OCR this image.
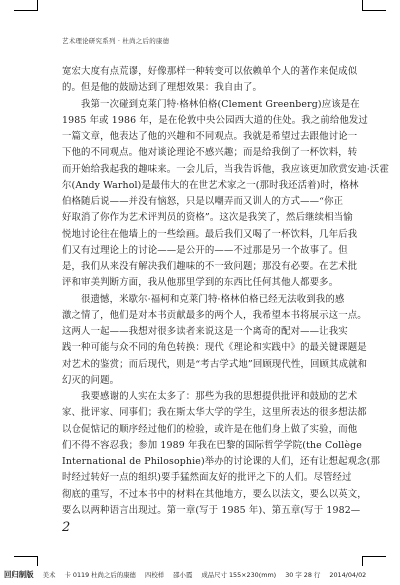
艺术理论研究系列 · 杜尚之后的康德
宽宏大度有点荒谬，好像那样一种转变可以依赖单个人的著作来促成似
的。但是他的鼓励达到了理想效果：我自由了。
我第一次碰到克莱门特·格林伯格(Clement Greenberg)应该是在
1985 年或 1986 年，是在伦敦中央公园西大道的住处。我之前给他发过
一篇文章，他表达了他的兴趣和不同观点。我就是希望过去跟他讨论一
下他的不同观点。他对谈论理论不感兴趣；而是给我倒了一杯饮料，转
而开始给我起我的趣味来。一会儿后，当我告诉他，我应该更加欣赏安迪·沃霍
尔(Andy Warhol)是最伟大的在世艺术家之一(那时我还活着)时，格林
伯格随后说——并没有恼怒，只是以嘲弄而又训人的方式——“你正
好取消了你作为艺术评判员的资格”。这次是我笑了，然后继续相当愉
悦地讨论往在他墙上的一些绘画。最后我们又喝了一杯饮料，几年后我
们又有过理论上的讨论——是公开的——不过那是另一个故事了。但
是，我们从来没有解决我们趣味的不一致问题；那没有必要。在艺术批
评和审美判断方面，我从他那里学到的东西比任何其他人都要多。
很遗憾，米歇尔·福柯和克莱门特·格林伯格已经无法收到我的感
激之情了，他们是对本书贡献最多的两个人，我希望本书将展示这一点。
这两人一起——我想对很多读者来说这是一个离奇的配对——让我实
践一种可能与众不同的角色转换：现代《理论和实践中》的最关键课题是
对艺术的鉴赏；而后现代，则是“考古学式地”回顾现代性，回顾其成就和
幻灭的问题。
我要感谢的人实在太多了：那些为我的思想提供批评和鼓励的艺术
家、批评家、同事们；我在斯太华大学的学生，这里所表达的很多想法都
以仓促惦记的顺序经过他们的检验，或许是在他们身上做了实验，而他
们不得不容忍我；参加 1989 年我在巴黎的国际哲学学院(the Collège
International de Philosophie)举办的讨论课的人们，还有让想起观念(那
时经过转好一点的组织)要手猛然面友好的批评之下的人们。尽管经过
彻底的重写，不过本书中的材料在其他地方，要么以法文，要么以英文，
要么以两种语言出现过。第一章(写于 1985 年)、第五章(写于 1982—
2
回归制版 美术 卡 0119 杜尚之后的康德 四校样 邵小霞 成品尺寸 155×230(mm) 30 字 28 行 2014/04/02
